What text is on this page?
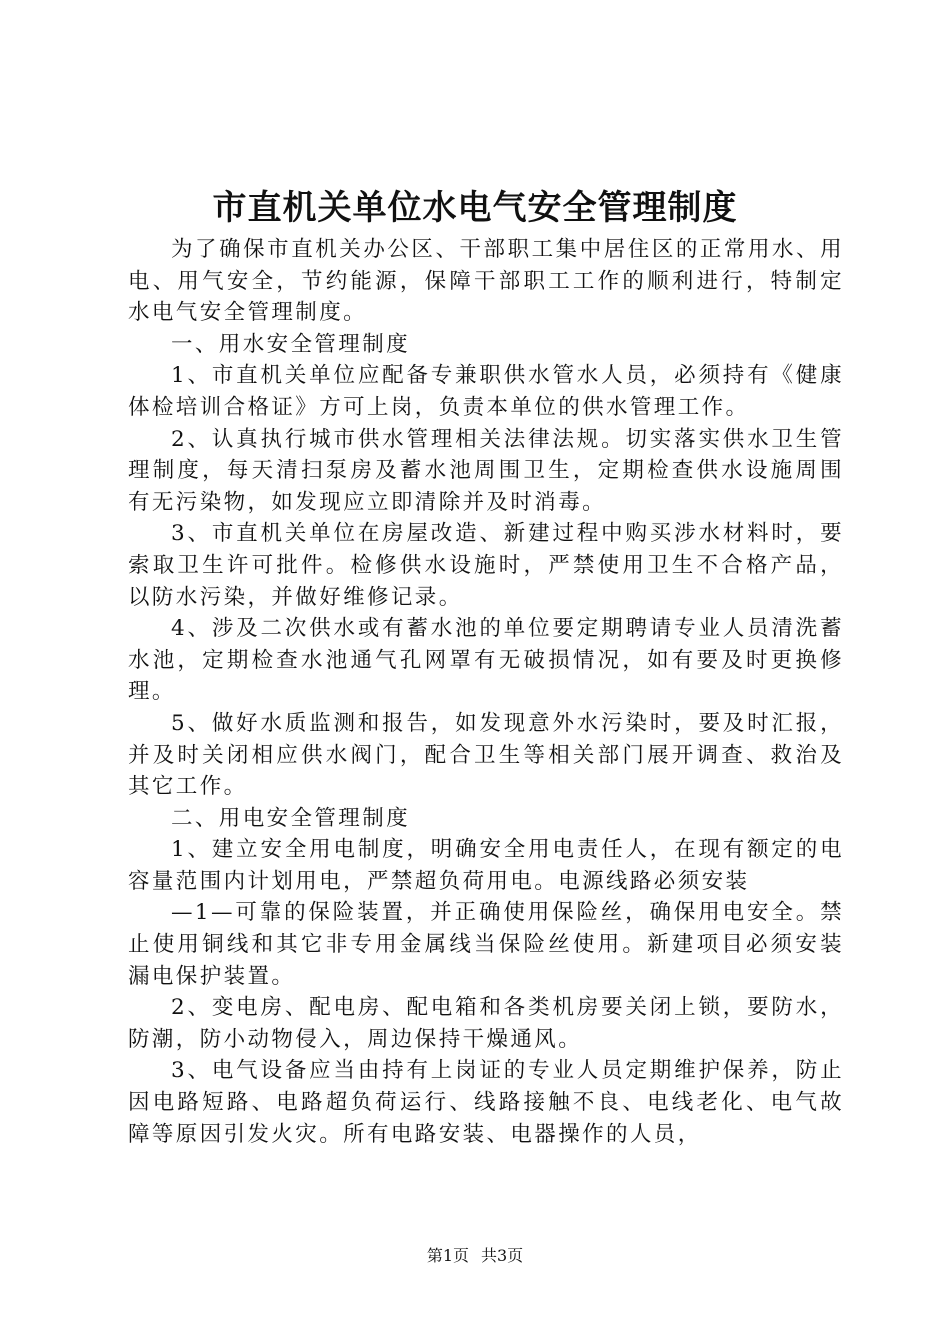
市直机关单位水电气安全管理制度

为了确保市直机关办公区、干部职工集中居住区的正常用水、用电、用气安全，节约能源，保障干部职工工作的顺利进行，特制定水电气安全管理制度。

一、用水安全管理制度

1、市直机关单位应配备专兼职供水管水人员，必须持有《健康体检培训合格证》方可上岗，负责本单位的供水管理工作。

2、认真执行城市供水管理相关法律法规。切实落实供水卫生管理制度，每天清扫泵房及蓄水池周围卫生，定期检查供水设施周围有无污染物，如发现应立即清除并及时消毒。

3、市直机关单位在房屋改造、新建过程中购买涉水材料时，要索取卫生许可批件。检修供水设施时，严禁使用卫生不合格产品，以防水污染，并做好维修记录。

4、涉及二次供水或有蓄水池的单位要定期聘请专业人员清洗蓄水池，定期检查水池通气孔网罩有无破损情况，如有要及时更换修理。

5、做好水质监测和报告，如发现意外水污染时，要及时汇报，并及时关闭相应供水阀门，配合卫生等相关部门展开调查、救治及其它工作。

二、用电安全管理制度

1、建立安全用电制度，明确安全用电责任人，在现有额定的电容量范围内计划用电，严禁超负荷用电。电源线路必须安装

—1—可靠的保险装置，并正确使用保险丝，确保用电安全。禁止使用铜线和其它非专用金属线当保险丝使用。新建项目必须安装漏电保护装置。

2、变电房、配电房、配电箱和各类机房要关闭上锁，要防水，防潮，防小动物侵入，周边保持干燥通风。

3、电气设备应当由持有上岗证的专业人员定期维护保养，防止因电路短路、电路超负荷运行、线路接触不良、电线老化、电气故障等原因引发火灾。所有电路安装、电器操作的人员，

第1页 共3页
